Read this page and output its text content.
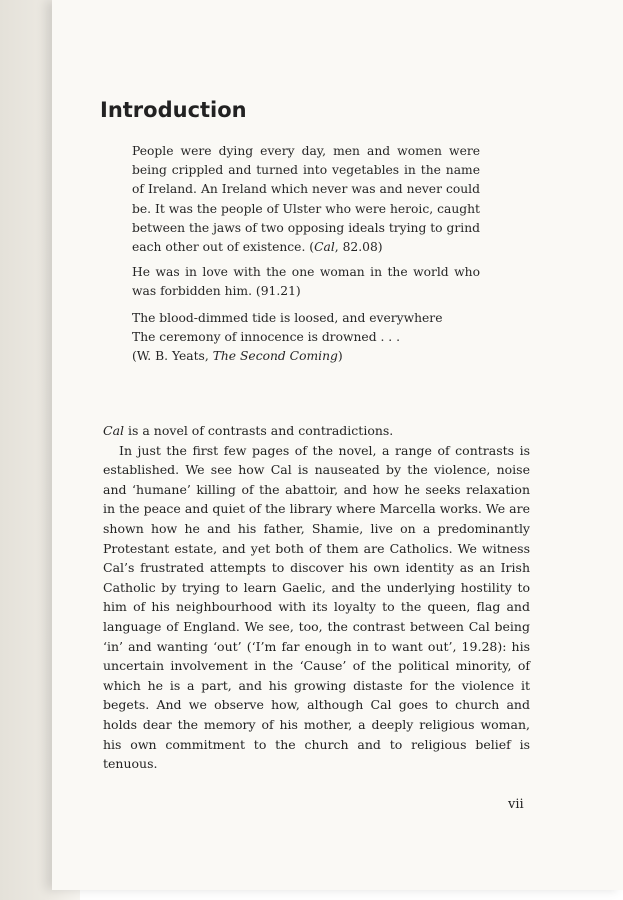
Introduction

People were dying every day, men and women were being crippled and turned into vegetables in the name of Ireland. An Ireland which never was and never could be. It was the people of Ulster who were heroic, caught between the jaws of two opposing ideals trying to grind each other out of existence. (Cal, 82.08)

He was in love with the one woman in the world who was forbidden him. (91.21)

The blood-dimmed tide is loosed, and everywhere
The ceremony of innocence is drowned . . .
(W. B. Yeats, The Second Coming)

Cal is a novel of contrasts and contradictions.

In just the first few pages of the novel, a range of contrasts is established. We see how Cal is nauseated by the violence, noise and ‘humane’ killing of the abattoir, and how he seeks relaxation in the peace and quiet of the library where Marcella works. We are shown how he and his father, Shamie, live on a predominantly Protestant estate, and yet both of them are Catholics. We witness Cal’s frustrated attempts to discover his own identity as an Irish Catholic by trying to learn Gaelic, and the underlying hostility to him of his neighbourhood with its loyalty to the queen, flag and language of England. We see, too, the contrast between Cal being ‘in’ and wanting ‘out’ (‘I’m far enough in to want out’, 19.28): his uncertain involvement in the ‘Cause’ of the political minority, of which he is a part, and his growing distaste for the violence it begets. And we observe how, although Cal goes to church and holds dear the memory of his mother, a deeply religious woman, his own commitment to the church and to religious belief is tenuous.

vii
